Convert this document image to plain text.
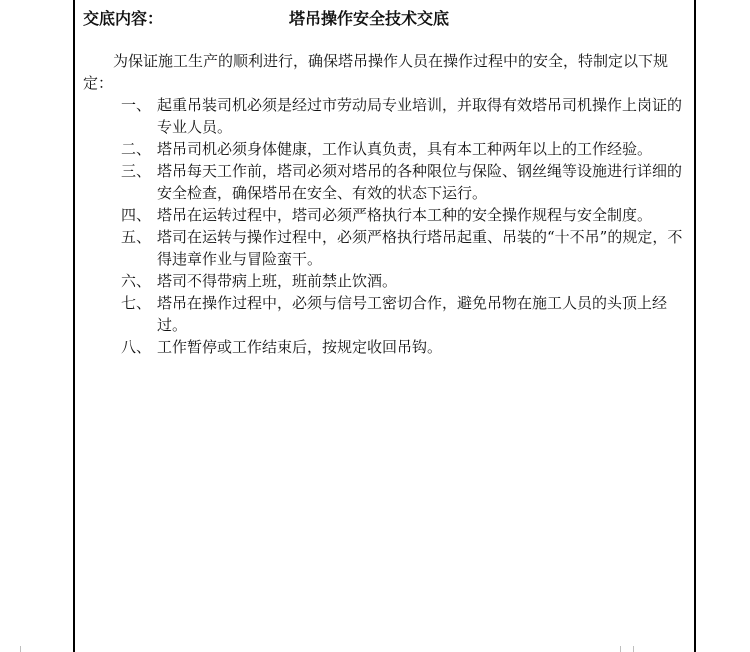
交底内容：	塔吊操作安全技术交底

为保证施工生产的顺利进行，确保塔吊操作人员在操作过程中的安全，特制定以下规定：

一、 起重吊装司机必须是经过市劳动局专业培训，并取得有效塔吊司机操作上岗证的专业人员。
二、 塔吊司机必须身体健康，工作认真负责，具有本工种两年以上的工作经验。
三、 塔吊每天工作前，塔司必须对塔吊的各种限位与保险、钢丝绳等设施进行详细的安全检查，确保塔吊在安全、有效的状态下运行。
四、 塔吊在运转过程中，塔司必须严格执行本工种的安全操作规程与安全制度。
五、 塔司在运转与操作过程中，必须严格执行塔吊起重、吊装的“十不吊”的规定，不得违章作业与冒险蛮干。
六、 塔司不得带病上班，班前禁止饮酒。
七、 塔吊在操作过程中，必须与信号工密切合作，避免吊物在施工人员的头顶上经过。
八、 工作暂停或工作结束后，按规定收回吊钩。
